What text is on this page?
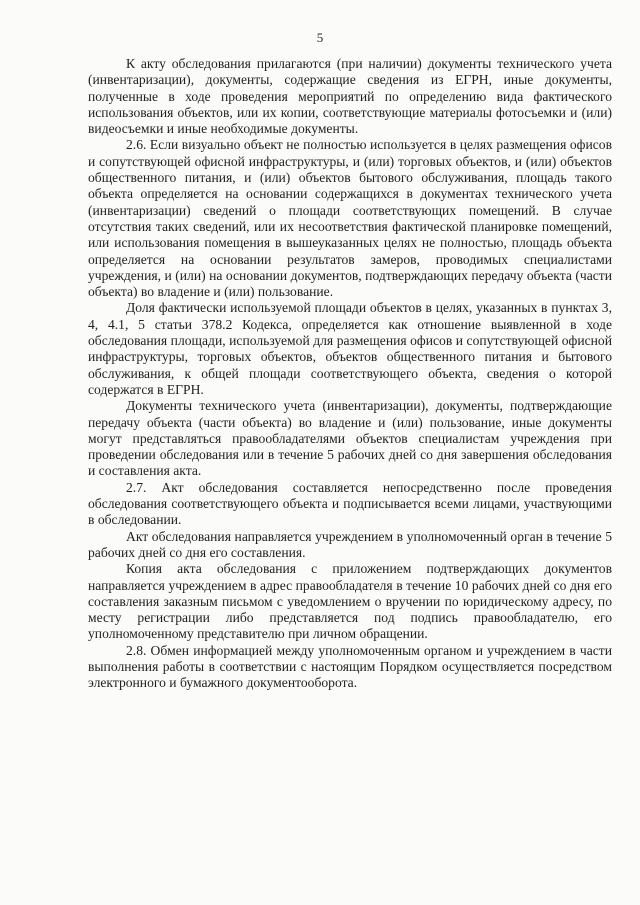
5

К акту обследования прилагаются (при наличии) документы технического учета (инвентаризации), документы, содержащие сведения из ЕГРН, иные документы, полученные в ходе проведения мероприятий по определению вида фактического использования объектов, или их копии, соответствующие материалы фотосъемки и (или) видеосъемки и иные необходимые документы.

2.6. Если визуально объект не полностью используется в целях размещения офисов и сопутствующей офисной инфраструктуры, и (или) торговых объектов, и (или) объектов общественного питания, и (или) объектов бытового обслуживания, площадь такого объекта определяется на основании содержащихся в документах технического учета (инвентаризации) сведений о площади соответствующих помещений. В случае отсутствия таких сведений, или их несоответствия фактической планировке помещений, или использования помещения в вышеуказанных целях не полностью, площадь объекта определяется на основании результатов замеров, проводимых специалистами учреждения, и (или) на основании документов, подтверждающих передачу объекта (части объекта) во владение и (или) пользование.

Доля фактически используемой площади объектов в целях, указанных в пунктах 3, 4, 4.1, 5 статьи 378.2 Кодекса, определяется как отношение выявленной в ходе обследования площади, используемой для размещения офисов и сопутствующей офисной инфраструктуры, торговых объектов, объектов общественного питания и бытового обслуживания, к общей площади соответствующего объекта, сведения о которой содержатся в ЕГРН.

Документы технического учета (инвентаризации), документы, подтверждающие передачу объекта (части объекта) во владение и (или) пользование, иные документы могут представляться правообладателями объектов специалистам учреждения при проведении обследования или в течение 5 рабочих дней со дня завершения обследования и составления акта.

2.7. Акт обследования составляется непосредственно после проведения обследования соответствующего объекта и подписывается всеми лицами, участвующими в обследовании.

Акт обследования направляется учреждением в уполномоченный орган в течение 5 рабочих дней со дня его составления.

Копия акта обследования с приложением подтверждающих документов направляется учреждением в адрес правообладателя в течение 10 рабочих дней со дня его составления заказным письмом с уведомлением о вручении по юридическому адресу, по месту регистрации либо представляется под подпись правообладателю, его уполномоченному представителю при личном обращении.

2.8. Обмен информацией между уполномоченным органом и учреждением в части выполнения работы в соответствии с настоящим Порядком осуществляется посредством электронного и бумажного документооборота.
